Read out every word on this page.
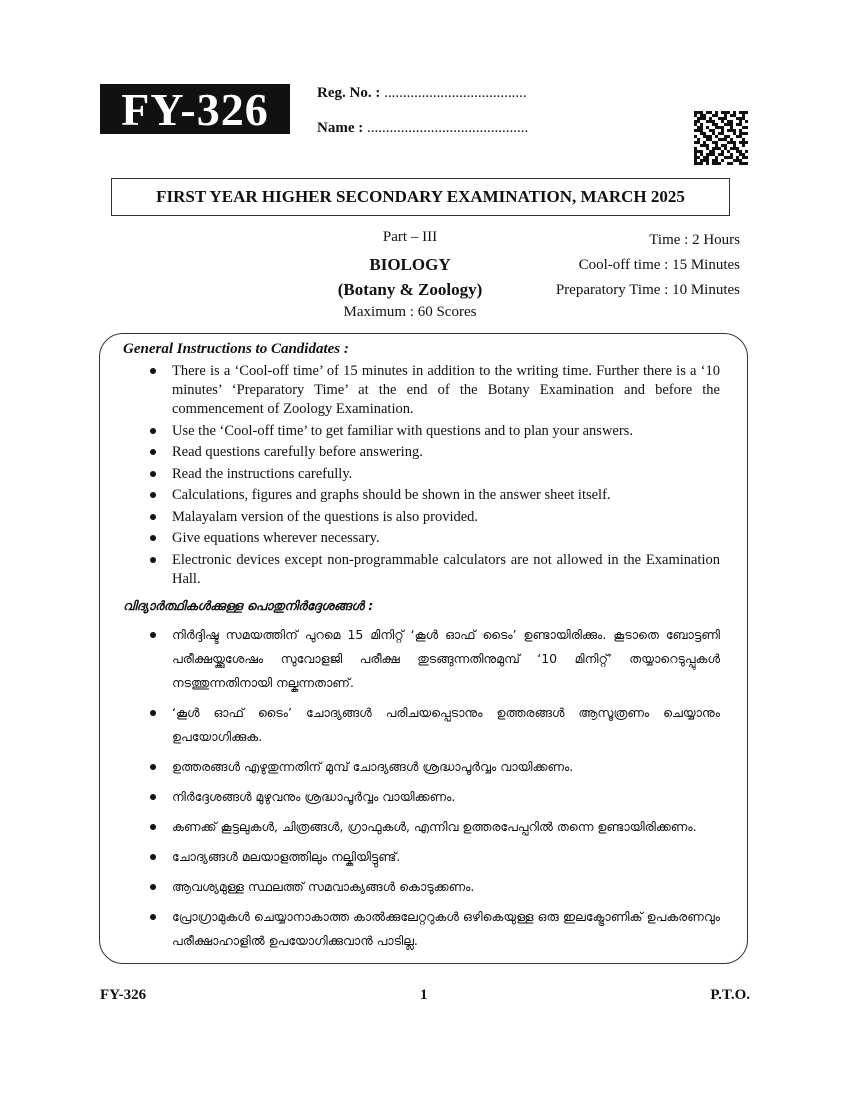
FY-326	Reg. No. : ......................................
Name : ...........................................
FIRST YEAR HIGHER SECONDARY EXAMINATION, MARCH 2025
Part – III
BIOLOGY
(Botany & Zoology)
Maximum : 60 Scores
Time : 2 Hours
Cool-off time : 15 Minutes
Preparatory Time : 10 Minutes
General Instructions to Candidates :
There is a ‘Cool-off time’ of 15 minutes in addition to the writing time. Further there is a ‘10 minutes’ ‘Preparatory Time’ at the end of the Botany Examination and before the commencement of Zoology Examination.
Use the ‘Cool-off time’ to get familiar with questions and to plan your answers.
Read questions carefully before answering.
Read the instructions carefully.
Calculations, figures and graphs should be shown in the answer sheet itself.
Malayalam version of the questions is also provided.
Give equations wherever necessary.
Electronic devices except non-programmable calculators are not allowed in the Examination Hall.
വിദ്യാർത്ഥികൾക്കുള്ള പൊതുനിർദ്ദേശങ്ങൾ :
നിർദ്ദിഷ്ട സമയത്തിന് പുറമെ 15 മിനിറ്റ് ‘കൂൾ ഓഫ് ടൈം’ ഉണ്ടായിരിക്കും. കൂടാതെ ബോട്ടണി പരീക്ഷയ്ക്കുശേഷം സുവോളജി പരീക്ഷ തുടങ്ങുന്നതിനുമുമ്പ് ‘10 മിനിറ്റ്’ തയ്യാറെടുപ്പുകൾ നടത്തുന്നതിനായി നല്കുന്നതാണ്.
‘കൂൾ ഓഫ് ടൈം’ ചോദ്യങ്ങൾ പരിചയപ്പെടാനും ഉത്തരങ്ങൾ ആസൂത്രണം ചെയ്യാനും ഉപയോഗിക്കുക.
ഉത്തരങ്ങൾ എഴുതുന്നതിന് മുമ്പ് ചോദ്യങ്ങൾ ശ്രദ്ധാപൂർവ്വം വായിക്കണം.
നിർദ്ദേശങ്ങൾ മുഴുവനും ശ്രദ്ധാപൂർവ്വം വായിക്കണം.
കണക്ക് കൂട്ടലുകൾ, ചിത്രങ്ങൾ, ഗ്രാഫുകൾ, എന്നിവ ഉത്തരപേപ്പറിൽ തന്നെ ഉണ്ടായിരിക്കണം.
ചോദ്യങ്ങൾ മലയാളത്തിലും നല്കിയിട്ടുണ്ട്.
ആവശ്യമുള്ള സ്ഥലത്ത് സമവാക്യങ്ങൾ കൊടുക്കണം.
പ്രോഗ്രാമുകൾ ചെയ്യാനാകാത്ത കാൽക്കുലേറ്ററുകൾ ഒഴികെയുള്ള ഒരു ഇലക്ട്രോണിക് ഉപകരണവും പരീക്ഷാഹാളിൽ ഉപയോഗിക്കുവാൻ പാടില്ല.
FY-326	1	P.T.O.
